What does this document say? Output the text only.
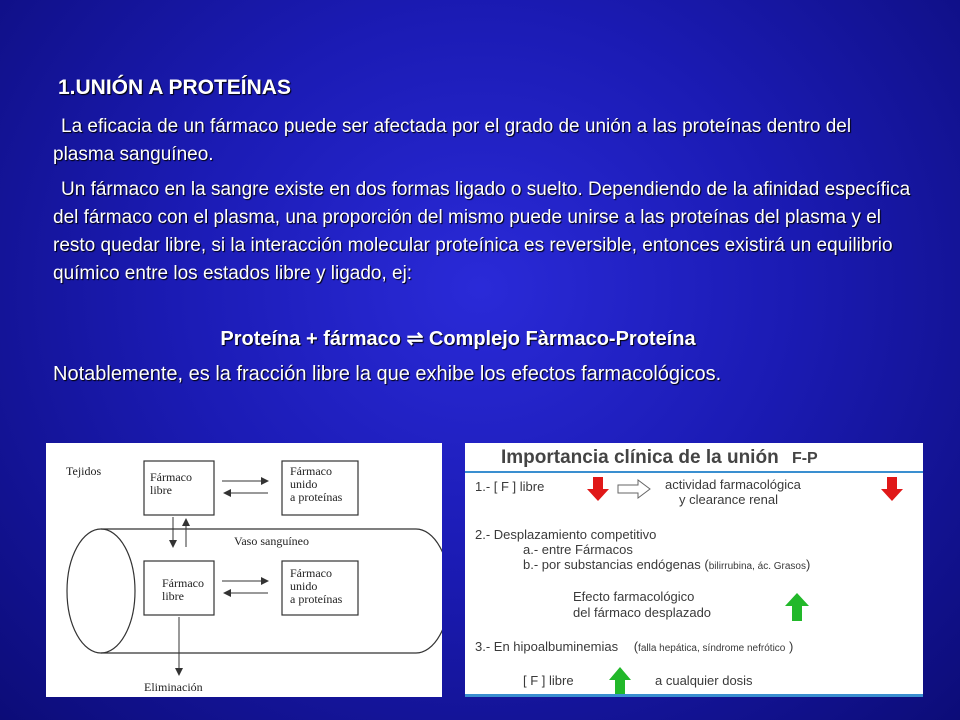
1.UNIÓN A PROTEÍNAS
La eficacia de un fármaco puede ser afectada por el grado de unión a las proteínas dentro del plasma sanguíneo.
Un fármaco en la sangre existe en dos formas ligado o suelto. Dependiendo de la afinidad específica del fármaco con el plasma, una proporción del mismo puede unirse a las proteínas del plasma y el resto quedar libre, si la interacción molecular proteínica es reversible, entonces existirá un equilibrio químico entre los estados libre y ligado, ej:
Proteína + fármaco ⇌ Complejo Fàrmaco-Proteína
Notablemente, es la fracción libre la que exhibe los efectos farmacológicos.
Tejidos	Fármaco
libre
Fármaco
unido
a proteínas
Vaso sanguíneo
Fármaco
libre
Fármaco
unido
a proteínas
Eliminación
Importancia clínica de la unión F-P
1.- [ F ] libre	actividad farmacológica
y clearance renal
2.- Desplazamiento competitivo
a.- entre Fármacos
b.- por substancias endógenas (bilirrubina, ác. Grasos)
Efecto farmacológico
del fármaco desplazado
3.- En hipoalbuminemias (falla hepática, síndrome nefrótico )
[ F ] libre	a cualquier dosis
